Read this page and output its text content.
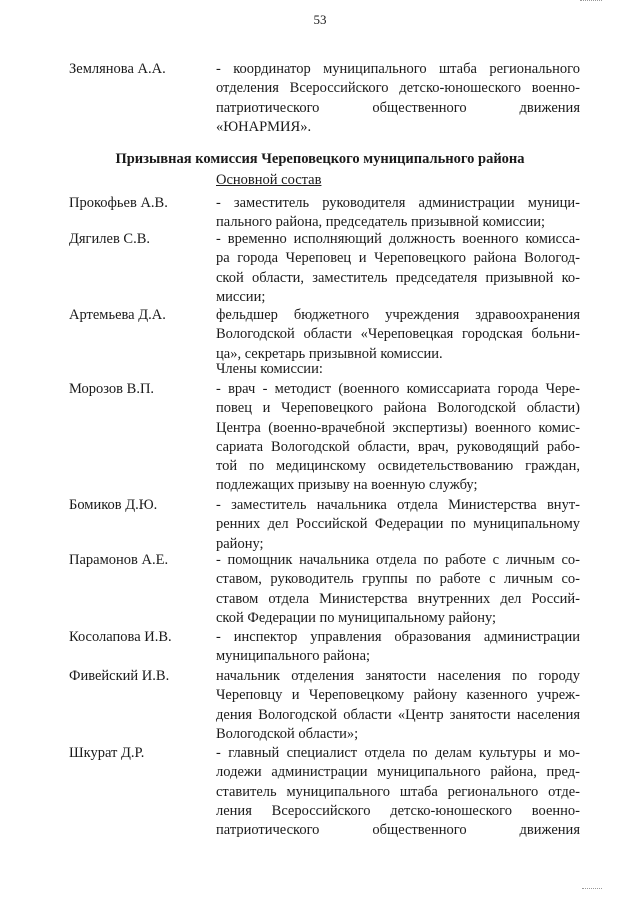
53
Землянова А.А.	- координатор муниципального штаба регионального
отделения Всероссийского детско-юношеского военно-
патриотического общественного движения
«ЮНАРМИЯ».
Призывная комиссия Череповецкого муниципального района
Основной состав
Прокофьев А.В.	- заместитель руководителя администрации муници-
пального района, председатель призывной комиссии;
Дягилев С.В.	- временно исполняющий должность военного комисса-
ра города Череповец и Череповецкого района Вологод-
ской области, заместитель председателя призывной ко-
миссии;
Артемьева Д.А.	фельдшер бюджетного учреждения здравоохранения
Вологодской области «Череповецкая городская больни-
ца», секретарь призывной комиссии.
Члены комиссии:
Морозов В.П.	- врач - методист (военного комиссариата города Чере-
повец и Череповецкого района Вологодской области)
Центра (военно-врачебной экспертизы) военного комис-
сариата Вологодской области, врач, руководящий рабо-
той по медицинскому освидетельствованию граждан,
подлежащих призыву на военную службу;
Бомиков Д.Ю.	- заместитель начальника отдела Министерства внут-
ренних дел Российской Федерации по муниципальному
району;
Парамонов А.Е.	- помощник начальника отдела по работе с личным со-
ставом, руководитель группы по работе с личным со-
ставом отдела Министерства внутренних дел Россий-
ской Федерации по муниципальному району;
Косолапова И.В.	- инспектор управления образования администрации
муниципального района;
Фивейский И.В.	начальник отделения занятости населения по городу
Череповцу и Череповецкому району казенного учреж-
дения Вологодской области «Центр занятости населения
Вологодской области»;
Шкурат Д.Р.	- главный специалист отдела по делам культуры и мо-
лодежи администрации муниципального района, пред-
ставитель муниципального штаба регионального отде-
ления Всероссийского детско-юношеского военно-
патриотического общественного движения
